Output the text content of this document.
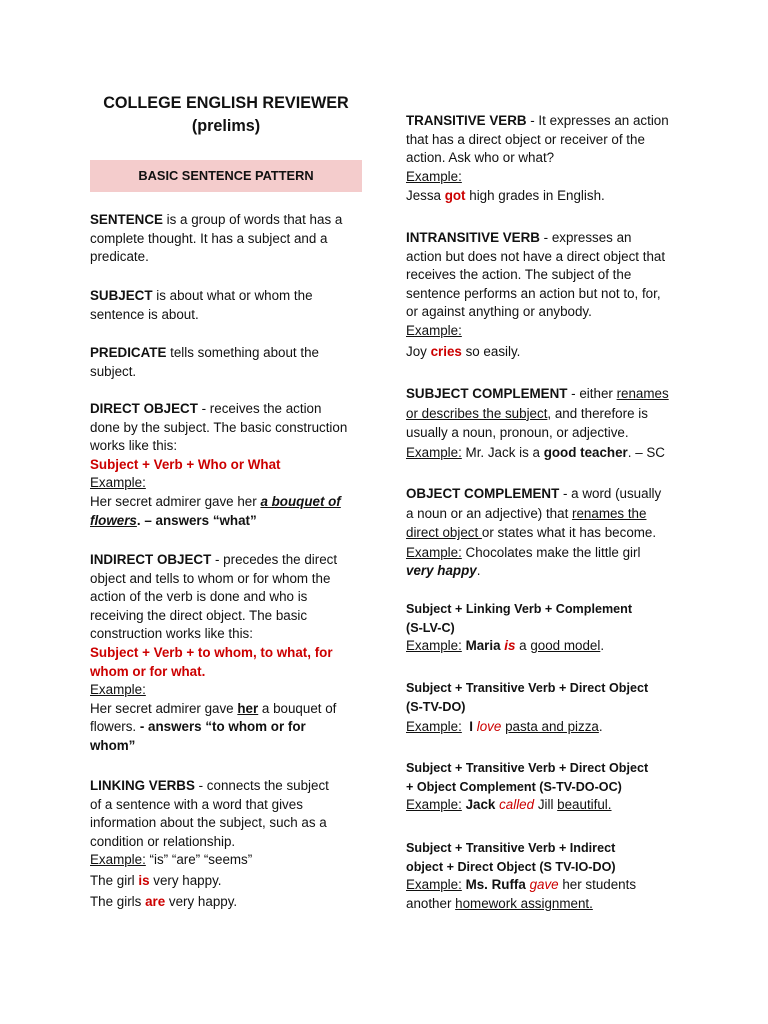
COLLEGE ENGLISH REVIEWER
(prelims)
BASIC SENTENCE PATTERN
SENTENCE is a group of words that has a
complete thought. It has a subject and a
predicate.
SUBJECT is about what or whom the
sentence is about.
PREDICATE tells something about the
subject.
DIRECT OBJECT - receives the action
done by the subject. The basic construction
works like this:
Subject + Verb + Who or What
Example:
Her secret admirer gave her a bouquet of
flowers. – answers “what”
INDIRECT OBJECT - precedes the direct
object and tells to whom or for whom the
action of the verb is done and who is
receiving the direct object. The basic
construction works like this:
Subject + Verb + to whom, to what, for
whom or for what.
Example:
Her secret admirer gave her a bouquet of
flowers. - answers “to whom or for
whom”
LINKING VERBS - connects the subject
of a sentence with a word that gives
information about the subject, such as a
condition or relationship.
Example: “is” “are” “seems”
The girl is very happy.
The girls are very happy.
TRANSITIVE VERB - It expresses an action
that has a direct object or receiver of the
action. Ask who or what?
Example:
Jessa got high grades in English.
INTRANSITIVE VERB - expresses an
action but does not have a direct object that
receives the action. The subject of the
sentence performs an action but not to, for,
or against anything or anybody.
Example:
Joy cries so easily.
SUBJECT COMPLEMENT - either renames
or describes the subject, and therefore is
usually a noun, pronoun, or adjective.
Example: Mr. Jack is a good teacher. – SC
OBJECT COMPLEMENT - a word (usually
a noun or an adjective) that renames the
direct object or states what it has become.
Example: Chocolates make the little girl
very happy.
Subject + Linking Verb + Complement
(S-LV-C)
Example: Maria is a good model.
Subject + Transitive Verb + Direct Object
(S-TV-DO)
Example: I love pasta and pizza.
Subject + Transitive Verb + Direct Object
+ Object Complement (S-TV-DO-OC)
Example: Jack called Jill beautiful.
Subject + Transitive Verb + Indirect
object + Direct Object (S TV-IO-DO)
Example: Ms. Ruffa gave her students
another homework assignment.
